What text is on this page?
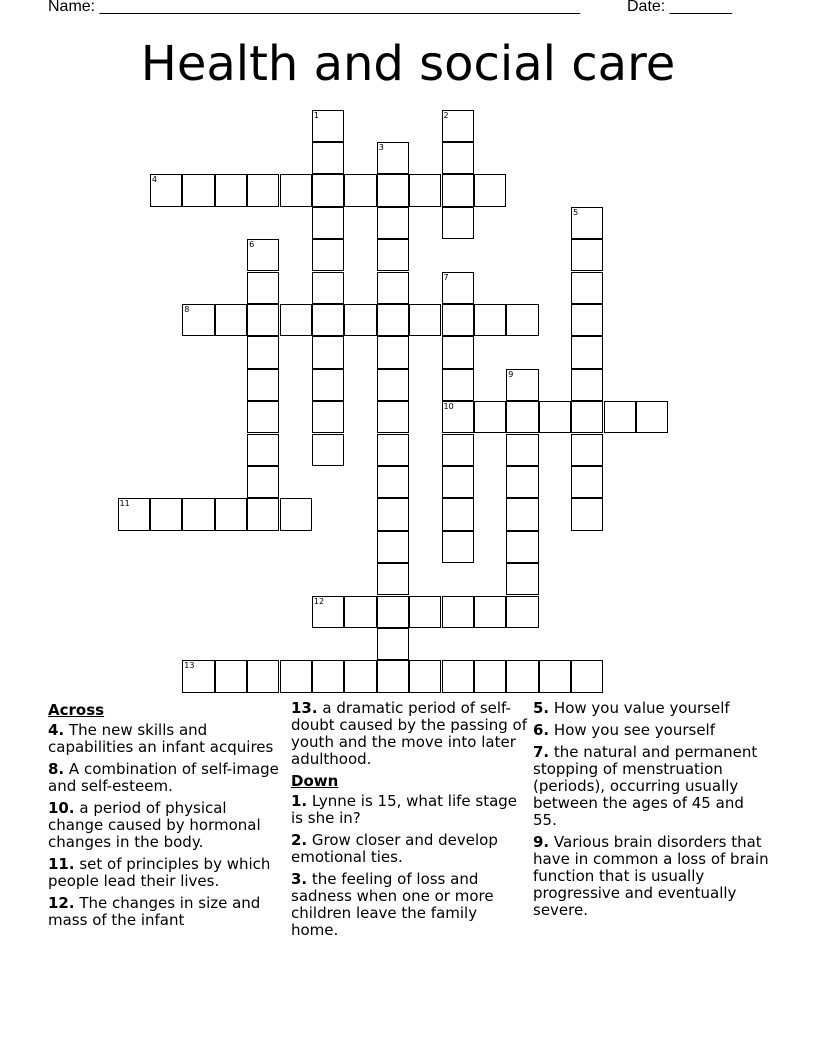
Name: ______________________________________________________	Date: _______
Health and social care
1	2
3
4
5
6
7
10
8
9
11
12
13
Across
4. The new skills and capabilities an infant acquires
8. A combination of self-image and self-esteem.
10. a period of physical change caused by hormonal changes in the body.
11. set of principles by which people lead their lives.
12. The changes in size and mass of the infant
13. a dramatic period of self-doubt caused by the passing of youth and the move into later adulthood.
Down
1. Lynne is 15, what life stage is she in?
2. Grow closer and develop emotional ties.
3. the feeling of loss and sadness when one or more children leave the family home.
5. How you value yourself
6. How you see yourself
7. the natural and permanent stopping of menstruation (periods), occurring usually between the ages of 45 and 55.
9. Various brain disorders that have in common a loss of brain function that is usually progressive and eventually severe.
